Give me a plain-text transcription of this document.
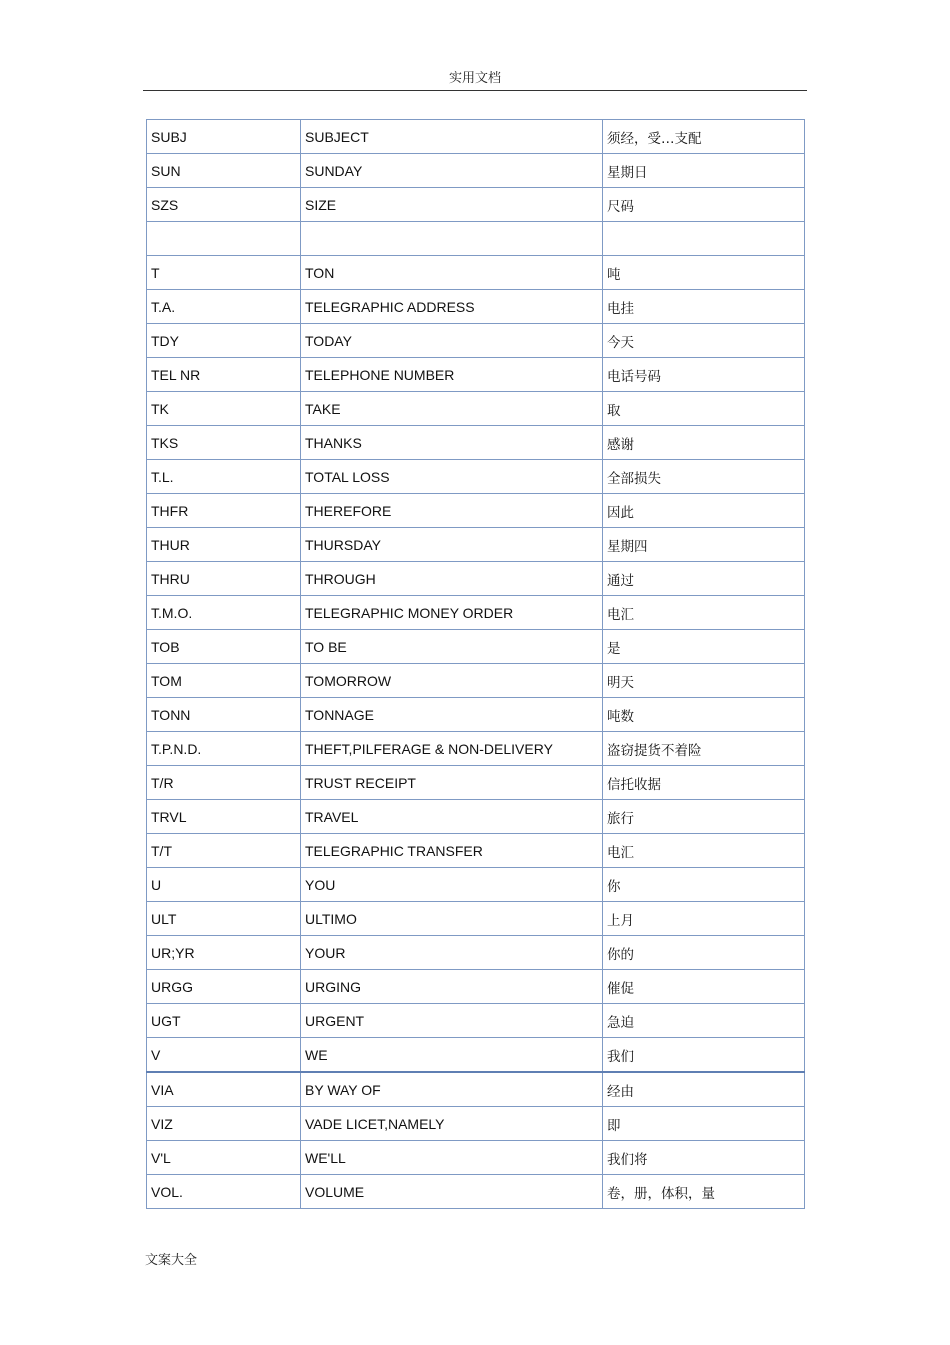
实用文档
SUBJ	SUBJECT	须经，受…支配
SUN	SUNDAY	星期日
SZS	SIZE	尺码

T	TON	吨
T.A.	TELEGRAPHIC ADDRESS	电挂
TDY	TODAY	今天
TEL NR	TELEPHONE NUMBER	电话号码
TK	TAKE	取
TKS	THANKS	感谢
T.L.	TOTAL LOSS	全部损失
THFR	THEREFORE	因此
THUR	THURSDAY	星期四
THRU	THROUGH	通过
T.M.O.	TELEGRAPHIC MONEY ORDER	电汇
TOB	TO BE	是
TOM	TOMORROW	明天
TONN	TONNAGE	吨数
T.P.N.D.	THEFT,PILFERAGE & NON-DELIVERY	盗窃提货不着险
T/R	TRUST RECEIPT	信托收据
TRVL	TRAVEL	旅行
T/T	TELEGRAPHIC TRANSFER	电汇
U	YOU	你
ULT	ULTIMO	上月
UR;YR	YOUR	你的
URGG	URGING	催促
UGT	URGENT	急迫
V	WE	我们
VIA	BY WAY OF	经由
VIZ	VADE LICET,NAMELY	即
V'L	WE'LL	我们将
VOL.	VOLUME	卷，册，体积，量
文案大全
